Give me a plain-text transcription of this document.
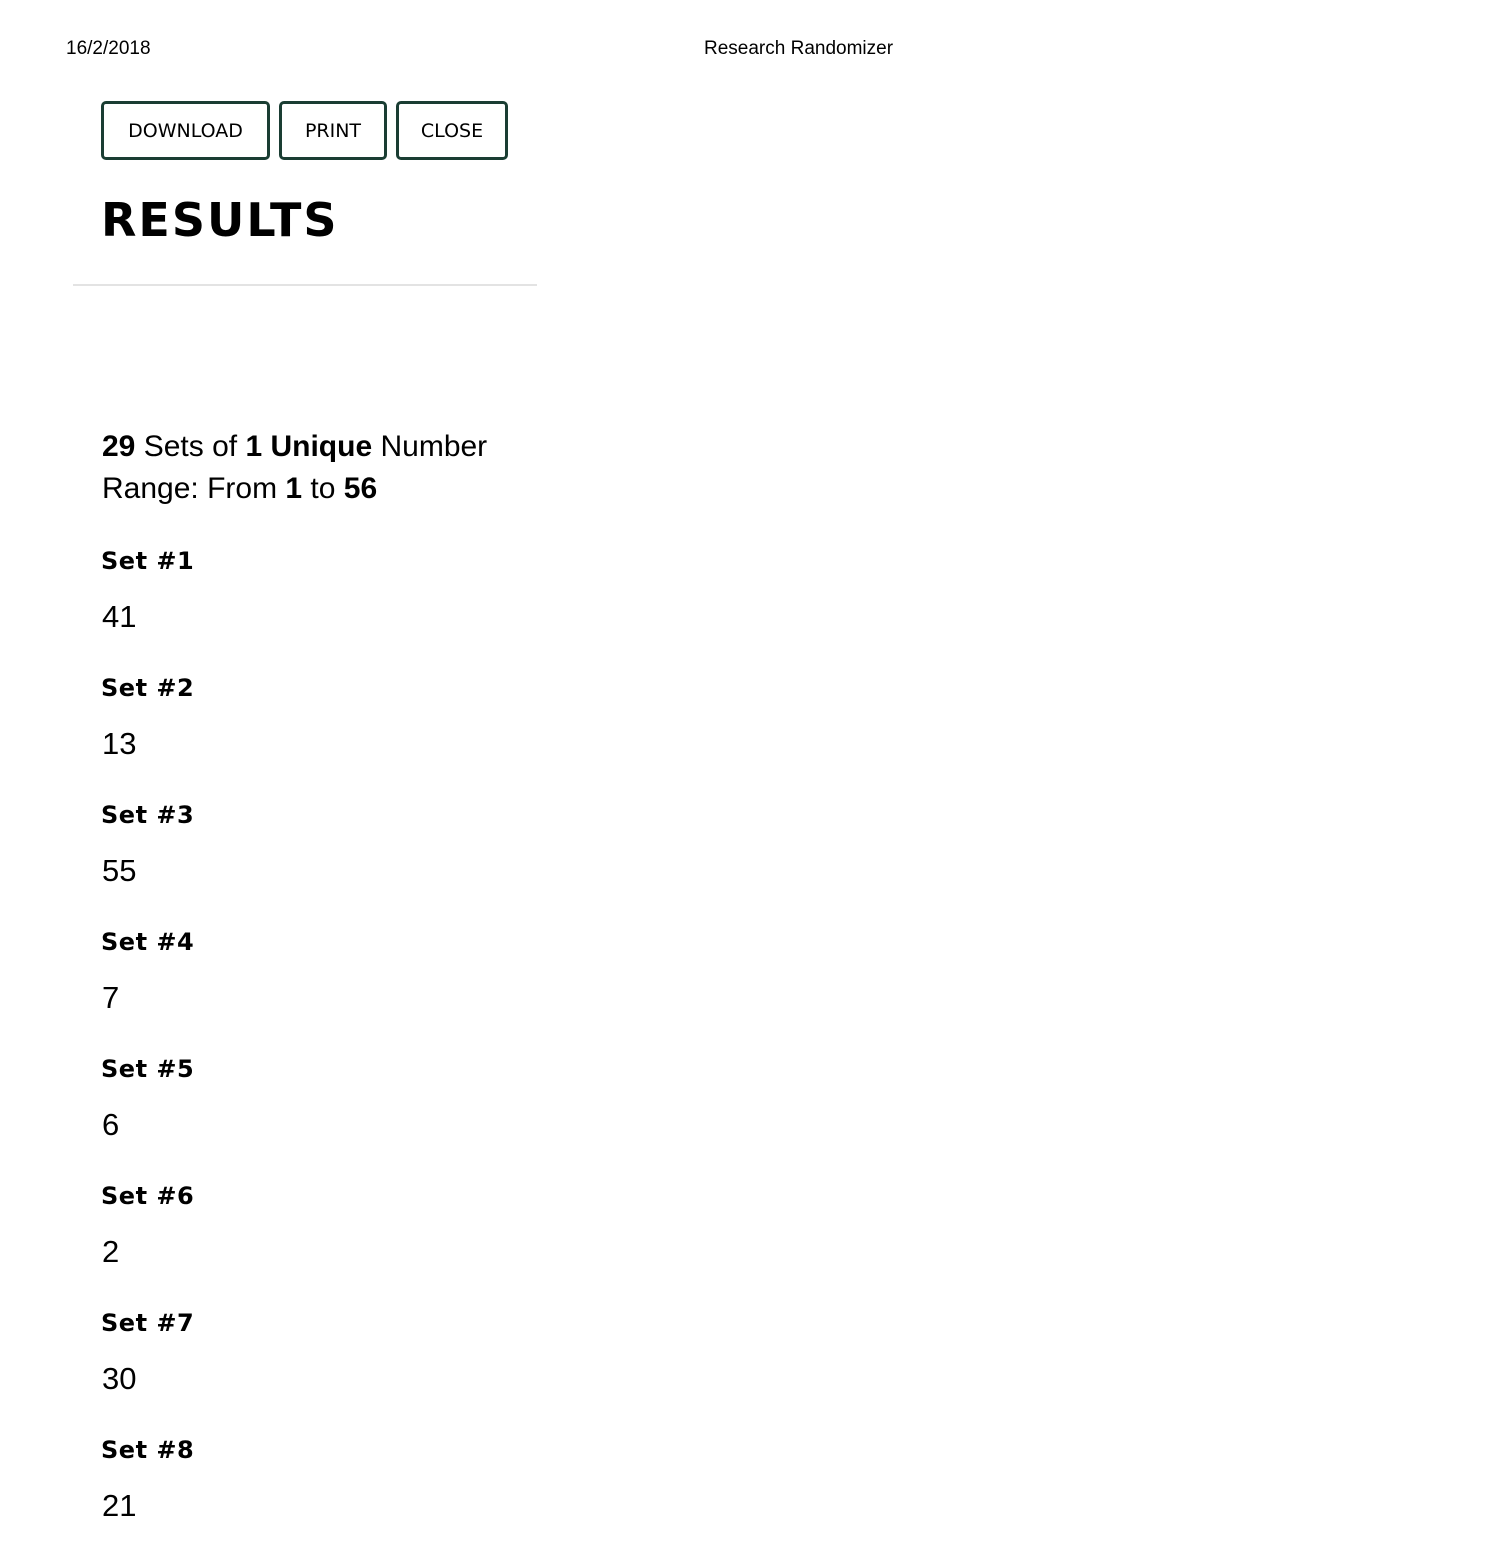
16/2/2018	Research Randomizer
DOWNLOAD	PRINT	CLOSE
RESULTS
29 Sets of 1 Unique Number
Range: From 1 to 56
Set #1
41
Set #2
13
Set #3
55
Set #4
7
Set #5
6
Set #6
2
Set #7
30
Set #8
21
